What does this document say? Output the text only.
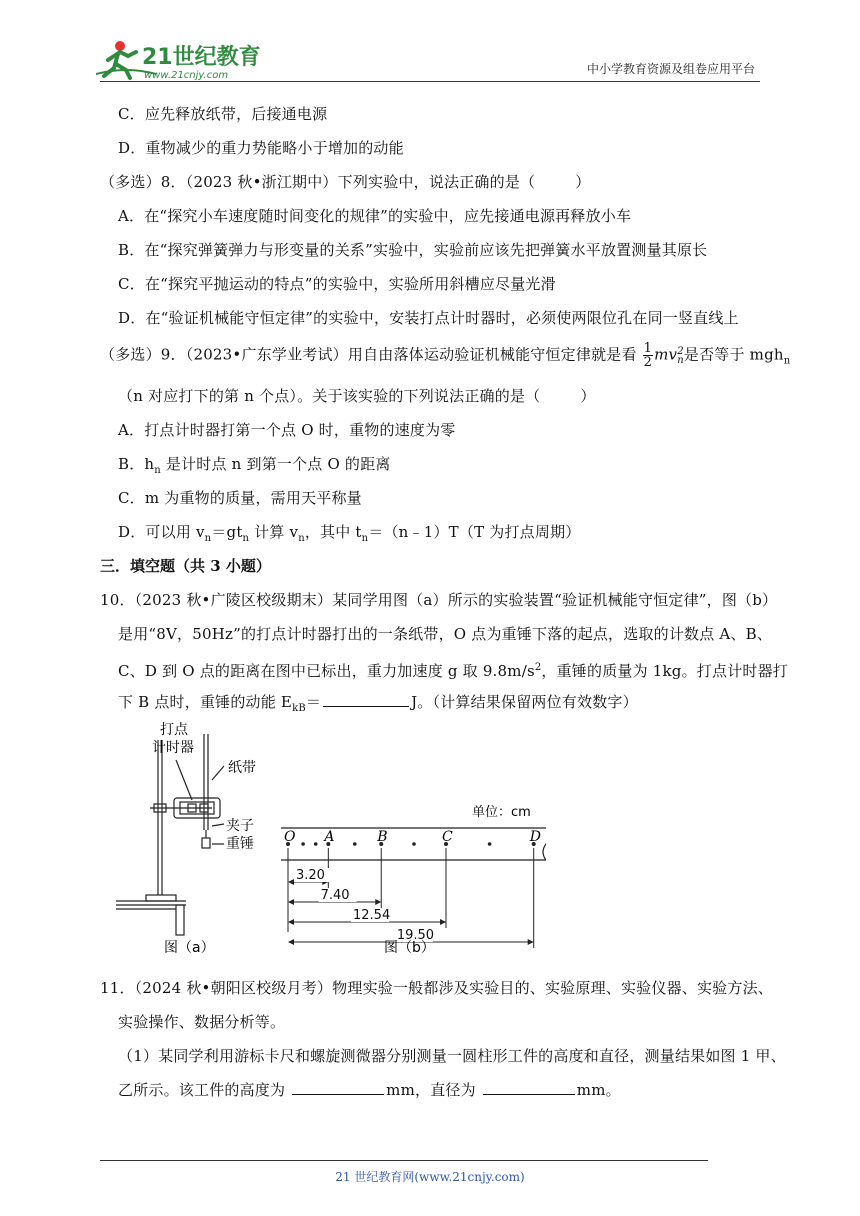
21世纪教育
www.21cnjy.com	中小学教育资源及组卷应用平台
C．应先释放纸带，后接通电源
D．重物减少的重力势能略小于增加的动能
（多选）8．（2023 秋•浙江期中）下列实验中，说法正确的是（	）
A．在“探究小车速度随时间变化的规律”的实验中，应先接通电源再释放小车
B．在“探究弹簧弹力与形变量的关系”实验中，实验前应该先把弹簧水平放置测量其原长
C．在“探究平抛运动的特点”的实验中，实验所用斜槽应尽量光滑
D．在“验证机械能守恒定律”的实验中，安装打点计时器时，必须使两限位孔在同一竖直线上
（多选）9．（2023•广东学业考试）用自由落体运动验证机械能守恒定律就是看 $\frac{1}{2}$ mv 2
n 是否等于 mgh$_n$
（n 对应打下的第 n 个点）。关于该实验的下列说法正确的是（	）
A．打点计时器打第一个点 O 时，重物的速度为零
B．$h_n$ 是计时点 n 到第一个点 O 的距离
C．m 为重物的质量，需用天平称量
D．可以用 $v_n=gt_n$ 计算 $v_n$，其中 $t_n=(n﹣1)T(T$ 为打点周期）
三．填空题（共 3 小题）
10．（2023 秋•广陵区校级期末）某同学用图（a）所示的实验装置“验证机械能守恒定律”，图（b）
是用“8V，50Hz”的打点计时器打出的一条纸带，O 点为重锤下落的起点，选取的计数点 A、B、
C、D 到 O 点的距离在图中已标出，重力加速度 g 取 $9.8m/s^2$，重锤的质量为 1kg。打点计时器打
下 B 点时，重锤的动能 $E_{kB}=$	J。（计算结果保留两位有效数字）
打点
计时器
纸带
夹子
重锤
图（a）
单位：cm
O A	B	C	D
3.20
7.40
12.54
19.50
图（b）
11．（2024 秋•朝阳区校级月考）物理实验一般都涉及实验目的、实验原理、实验仪器、实验方法、
实验操作、数据分析等。
（1）某同学利用游标卡尺和螺旋测微器分别测量一圆柱形工件的高度和直径，测量结果如图 1 甲、
乙所示。该工件的高度为	mm，直径为	mm。
21 世纪教育网(www.21cnjy.com)
